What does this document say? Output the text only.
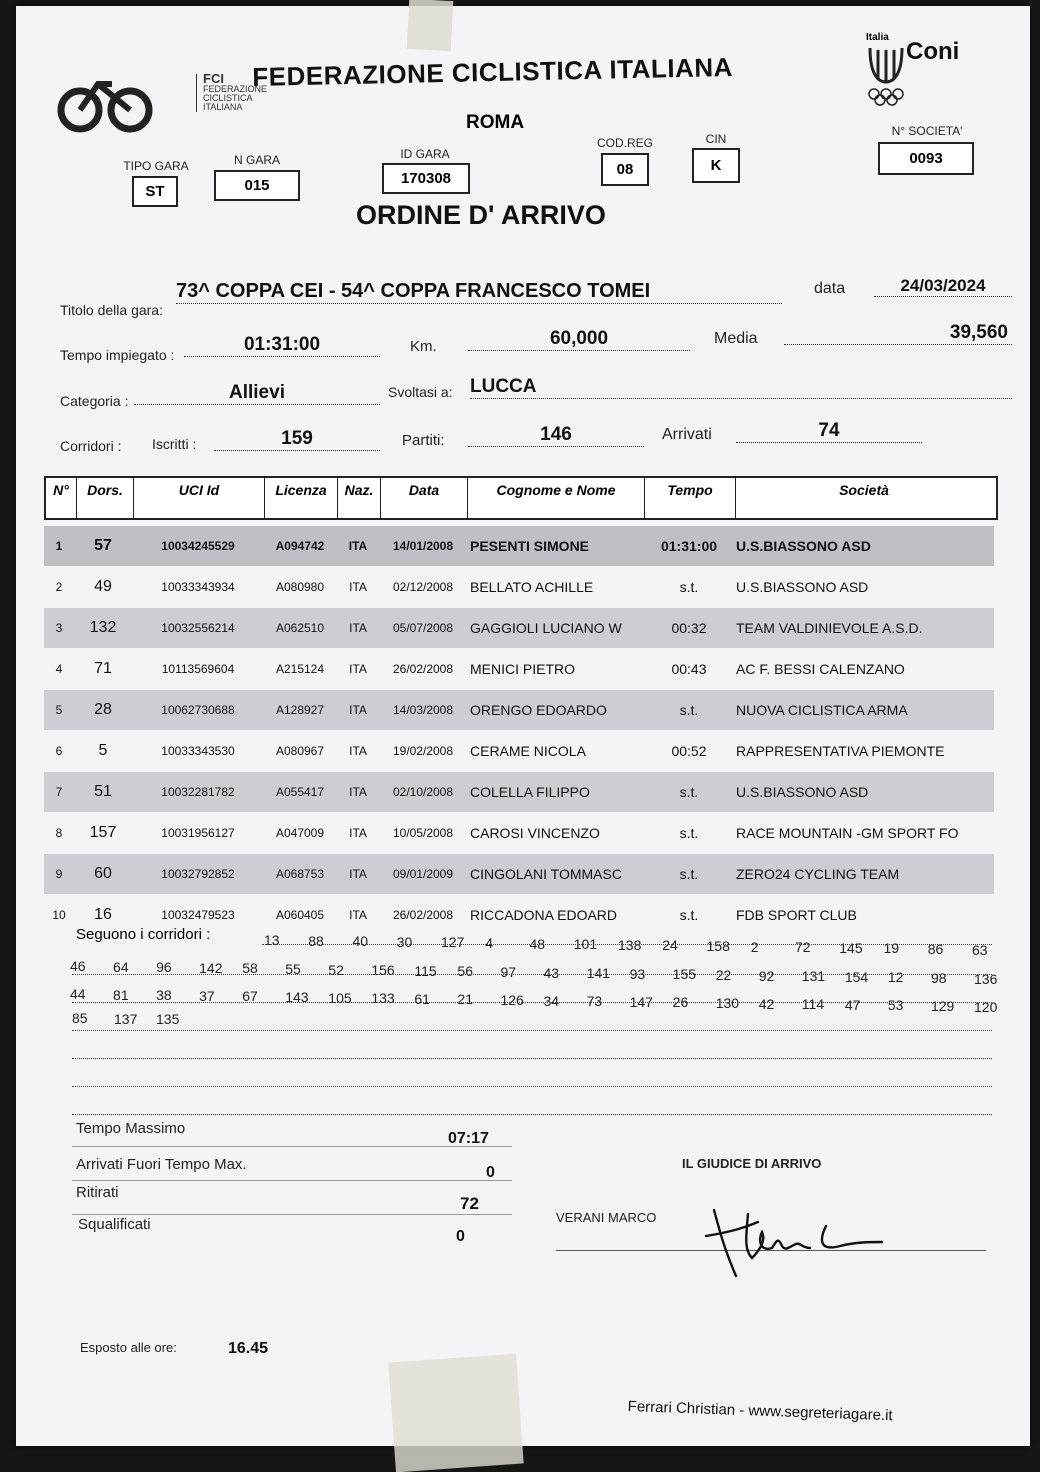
FCI
FEDERAZIONE CICLISTICA ITALIANA
FEDERAZIONE CICLISTICA ITALIANA
ROMA
Italia
Coni
TIPO GARA
ST
N GARA
015
ID GARA
170308
COD.REG
08
CIN
K
N° SOCIETA'
0093
ORDINE D' ARRIVO
Titolo della gara:
73^ COPPA CEI - 54^ COPPA FRANCESCO TOMEI	data	24/03/2024
Tempo impiegato :	01:31:00	Km.	60,000	Media	39,560
Categoria :	Allievi	Svoltasi a: LUCCA
Corridori : Iscritti :	159	Partiti:	146	Arrivati	74
N°	Dors.	UCI Id	Licenza	Naz.	Data	Cognome e Nome	Tempo	Società
1	57	10034245529	A094742	ITA	14/01/2008	PESENTI SIMONE	01:31:00	U.S.BIASSONO ASD
2	49	10033343934	A080980	ITA	02/12/2008	BELLATO ACHILLE	s.t.	U.S.BIASSONO ASD
3	132	10032556214	A062510	ITA	05/07/2008	GAGGIOLI LUCIANO W	00:32	TEAM VALDINIEVOLE A.S.D.
4	71	10113569604	A215124	ITA	26/02/2008	MENICI PIETRO	00:43	AC F. BESSI CALENZANO
5	28	10062730688	A128927	ITA	14/03/2008	ORENGO EDOARDO	s.t.	NUOVA CICLISTICA ARMA
6	5	10033343530	A080967	ITA	19/02/2008	CERAME NICOLA	00:52	RAPPRESENTATIVA PIEMONTE
7	51	10032281782	A055417	ITA	02/10/2008	COLELLA FILIPPO	s.t.	U.S.BIASSONO ASD
8	157	10031956127	A047009	ITA	10/05/2008	CAROSI VINCENZO	s.t.	RACE MOUNTAIN -GM SPORT FO
9	60	10032792852	A068753	ITA	09/01/2009	CINGOLANI TOMMASC	s.t.	ZERO24 CYCLING TEAM
10	16	10032479523	A060405	ITA	26/02/2008	RICCADONA EDOARD	s.t.	FDB SPORT CLUB
Seguono i corridori :	13 88 40 30 127 4	48 101 138 24 158 2	72 145 19 86 63
46 64 96 142 58 55 52 156 115 56 97 43 141 93 155 22 92 131 154 12 98 136
44 81 38 37 67 143 105 133 61 21 126 34 73 147 26 130 42 114 47 53 129 120
85 137 135
Tempo Massimo
07:17
Arrivati Fuori Tempo Max.	0
Ritirati
72
Squalificati
0
IL GIUDICE DI ARRIVO
VERANI MARCO
Esposto alle ore:	16.45
Ferrari Christian - www.segreteriagare.it
